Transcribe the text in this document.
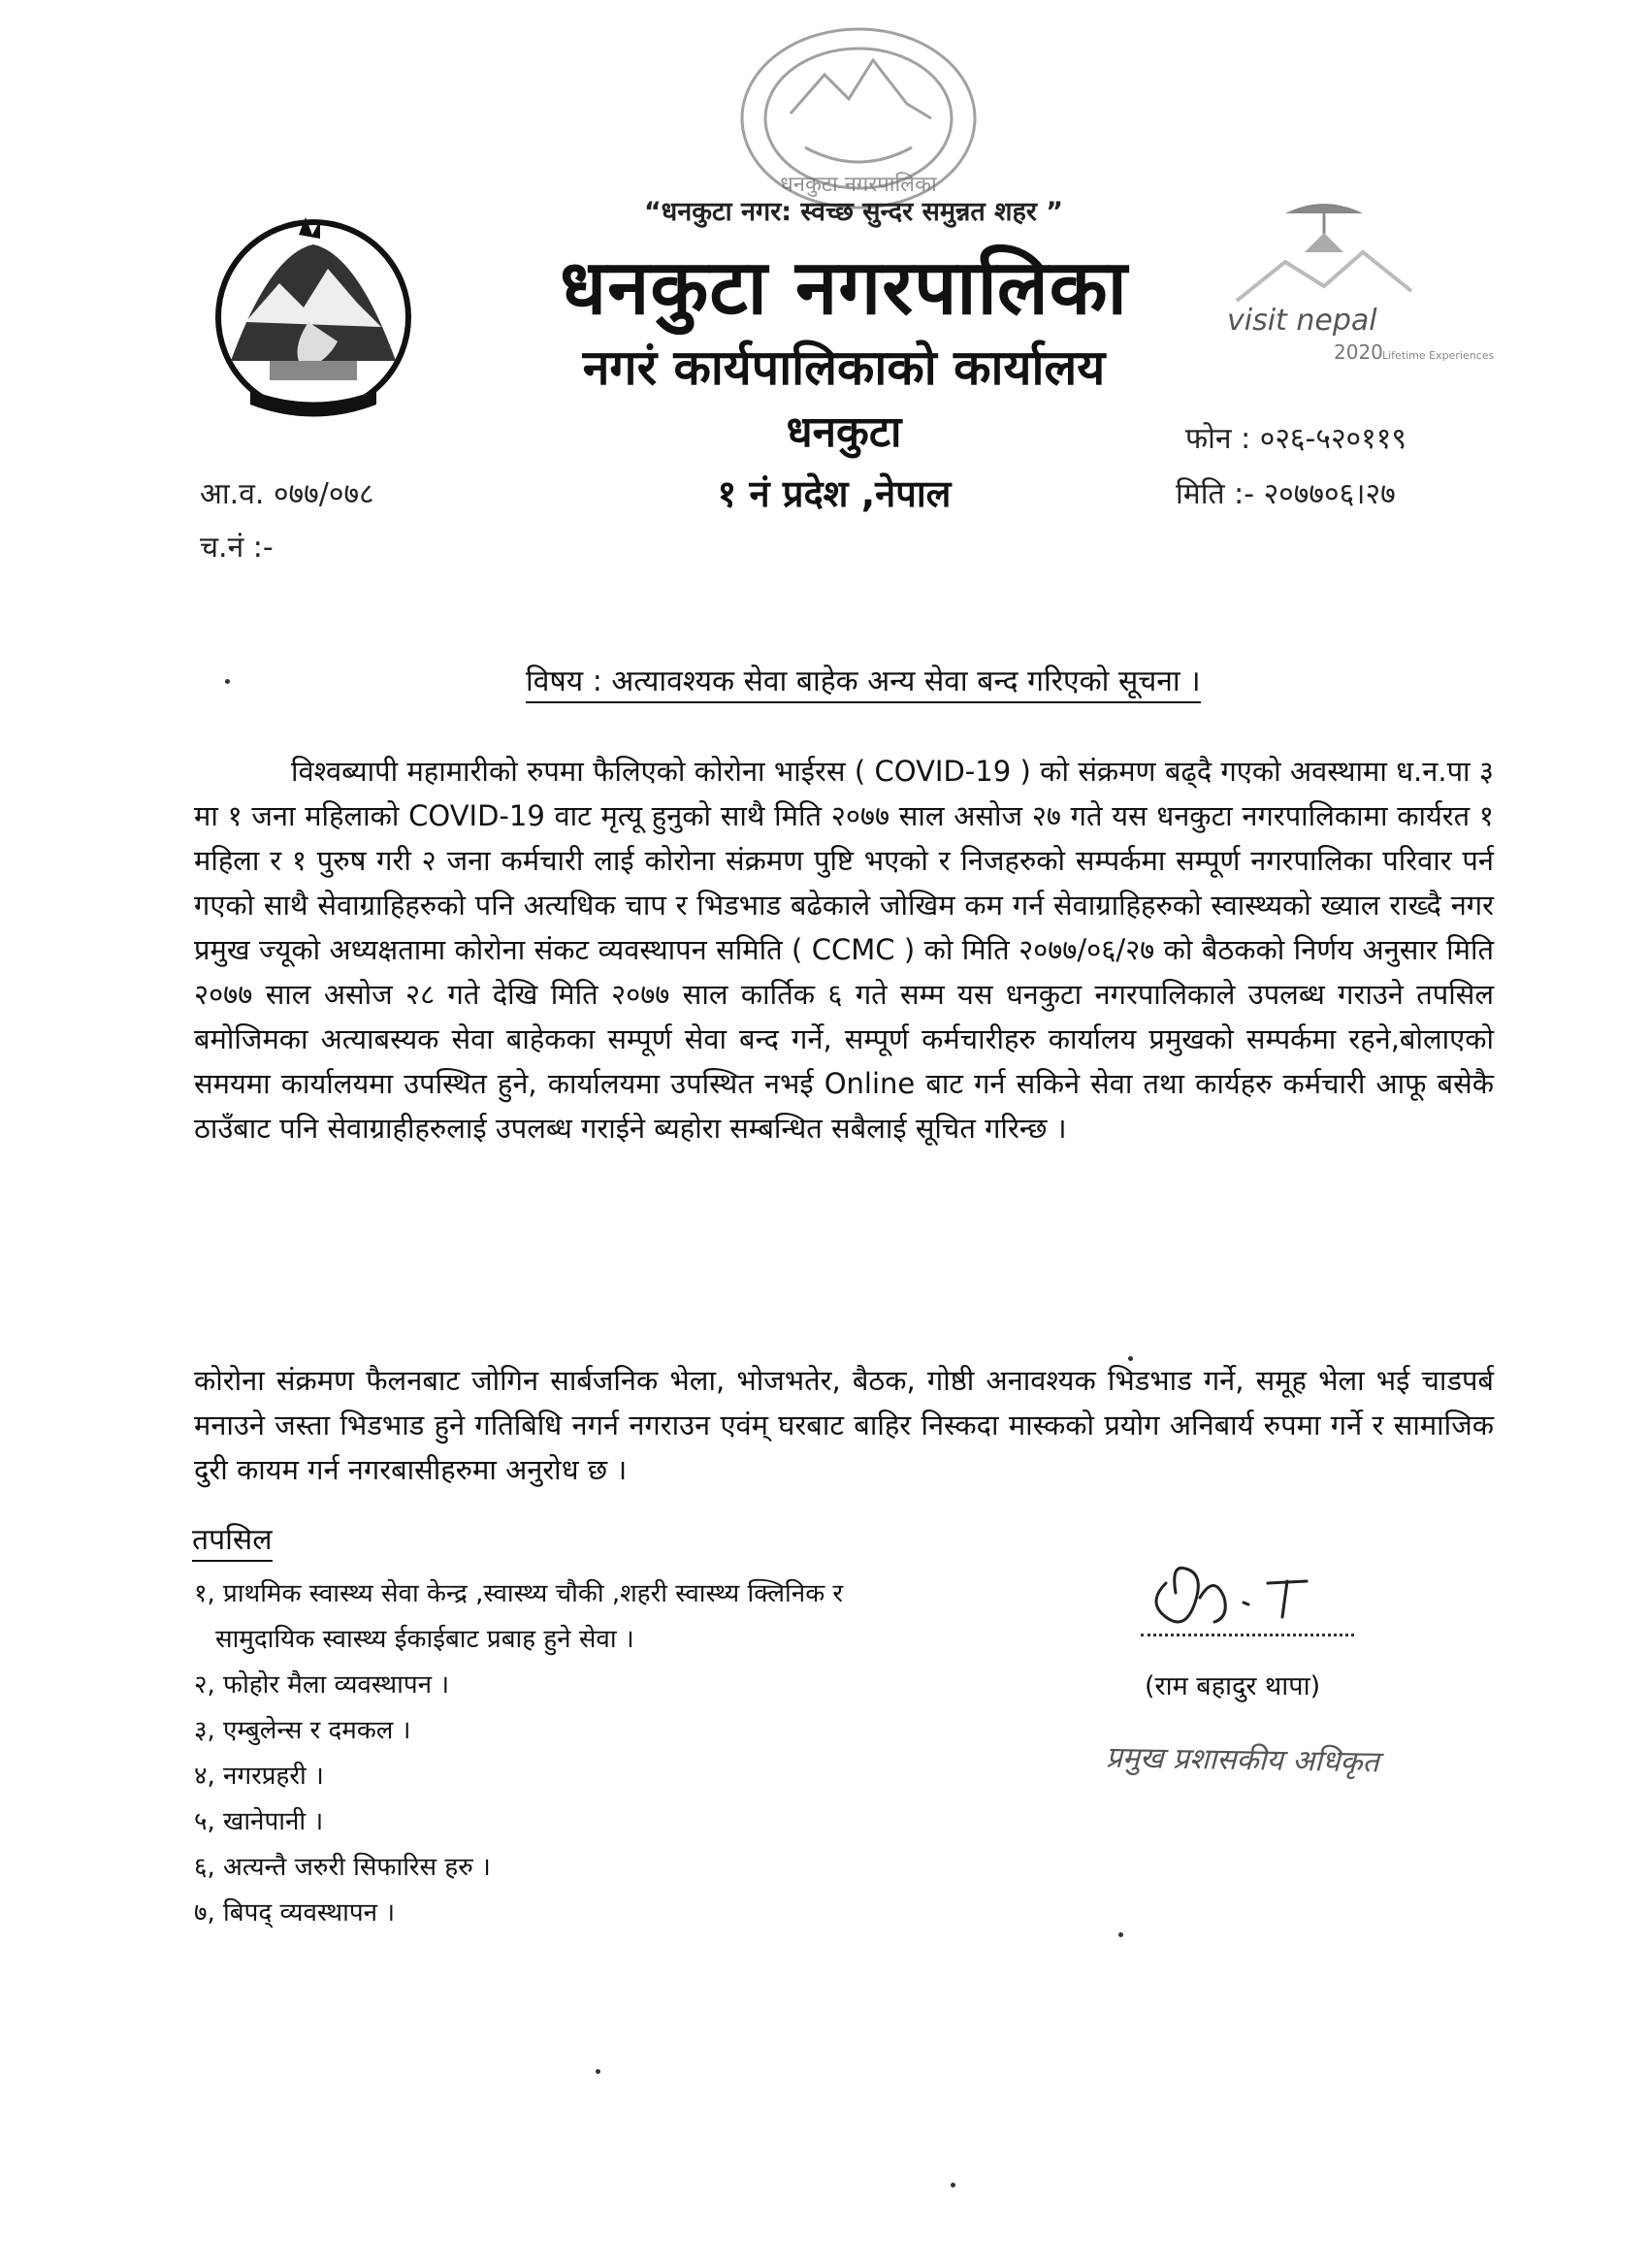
धनकुटा नगरपालिका
visit nepal
2020 Lifetime Experiences
“धनकुटा नगर: स्वच्छ सुन्दर समुन्नत शहर ”
धनकुटा नगरपालिका
नगरं कार्यपालिकाको कार्यालय
धनकुटा
१ नं प्रदेश ,नेपाल
फोन : ०२६-५२०११९
मिति :- २०७७०६।२७
आ.व. ०७७/०७८
च.नं :-
विषय : अत्यावश्यक सेवा बाहेक अन्य सेवा बन्द गरिएको सूचना ।
विश्वब्यापी महामारीको रुपमा फैलिएको कोरोना भाईरस ( COVID-19 ) को संक्रमण बढ्दै गएको अवस्थामा ध.न.पा ३ मा १ जना महिलाको COVID-19 वाट मृत्यू हुनुको साथै मिति २०७७ साल असोज २७ गते यस धनकुटा नगरपालिकामा कार्यरत १ महिला र १ पुरुष गरी २ जना कर्मचारी लाई कोरोना संक्रमण पुष्टि भएको र निजहरुको सम्पर्कमा सम्पूर्ण नगरपालिका परिवार पर्न गएको साथै सेवाग्राहिहरुको पनि अत्यधिक चाप र भिडभाड बढेकाले जोखिम कम गर्न सेवाग्राहिहरुको स्वास्थ्यको ख्याल राख्दै नगर प्रमुख ज्यूको अध्यक्षतामा कोरोना संकट व्यवस्थापन समिति ( CCMC ) को मिति २०७७/०६/२७ को बैठकको निर्णय अनुसार मिति २०७७ साल असोज २८ गते देखि मिति २०७७ साल कार्तिक ६ गते सम्म यस धनकुटा नगरपालिकाले उपलब्ध गराउने तपसिल बमोजिमका अत्याबस्यक सेवा बाहेकका सम्पूर्ण सेवा बन्द गर्ने, सम्पूर्ण कर्मचारीहरु कार्यालय प्रमुखको सम्पर्कमा रहने,बोलाएको समयमा कार्यालयमा उपस्थित हुने, कार्यालयमा उपस्थित नभई Online बाट गर्न सकिने सेवा तथा कार्यहरु कर्मचारी आफू बसेकै ठाउँबाट पनि सेवाग्राहीहरुलाई उपलब्ध गराईने ब्यहोरा सम्बन्धित सबैलाई सूचित गरिन्छ ।
कोरोना संक्रमण फैलनबाट जोगिन सार्बजनिक भेला, भोजभतेर, बैठक, गोष्ठी अनावश्यक भिडभाड गर्ने, समूह भेला भई चाडपर्ब मनाउने जस्ता भिडभाड हुने गतिबिधि नगर्न नगराउन एवंम् घरबाट बाहिर निस्कदा मास्कको प्रयोग अनिबार्य रुपमा गर्ने र सामाजिक दुरी कायम गर्न नगरबासीहरुमा अनुरोध छ ।
तपसिल
१, प्राथमिक स्वास्थ्य सेवा केन्द्र ,स्वास्थ्य चौकी ,शहरी स्वास्थ्य क्लिनिक र
सामुदायिक स्वास्थ्य ईकाईबाट प्रबाह हुने सेवा ।
२, फोहोर मैला व्यवस्थापन ।
३, एम्बुलेन्स र दमकल ।
४, नगरप्रहरी ।
५, खानेपानी ।
६, अत्यन्तै जरुरी सिफारिस हरु ।
७, बिपद् व्यवस्थापन ।
(राम बहादुर थापा)
प्रमुख प्रशासकीय अधिकृत
